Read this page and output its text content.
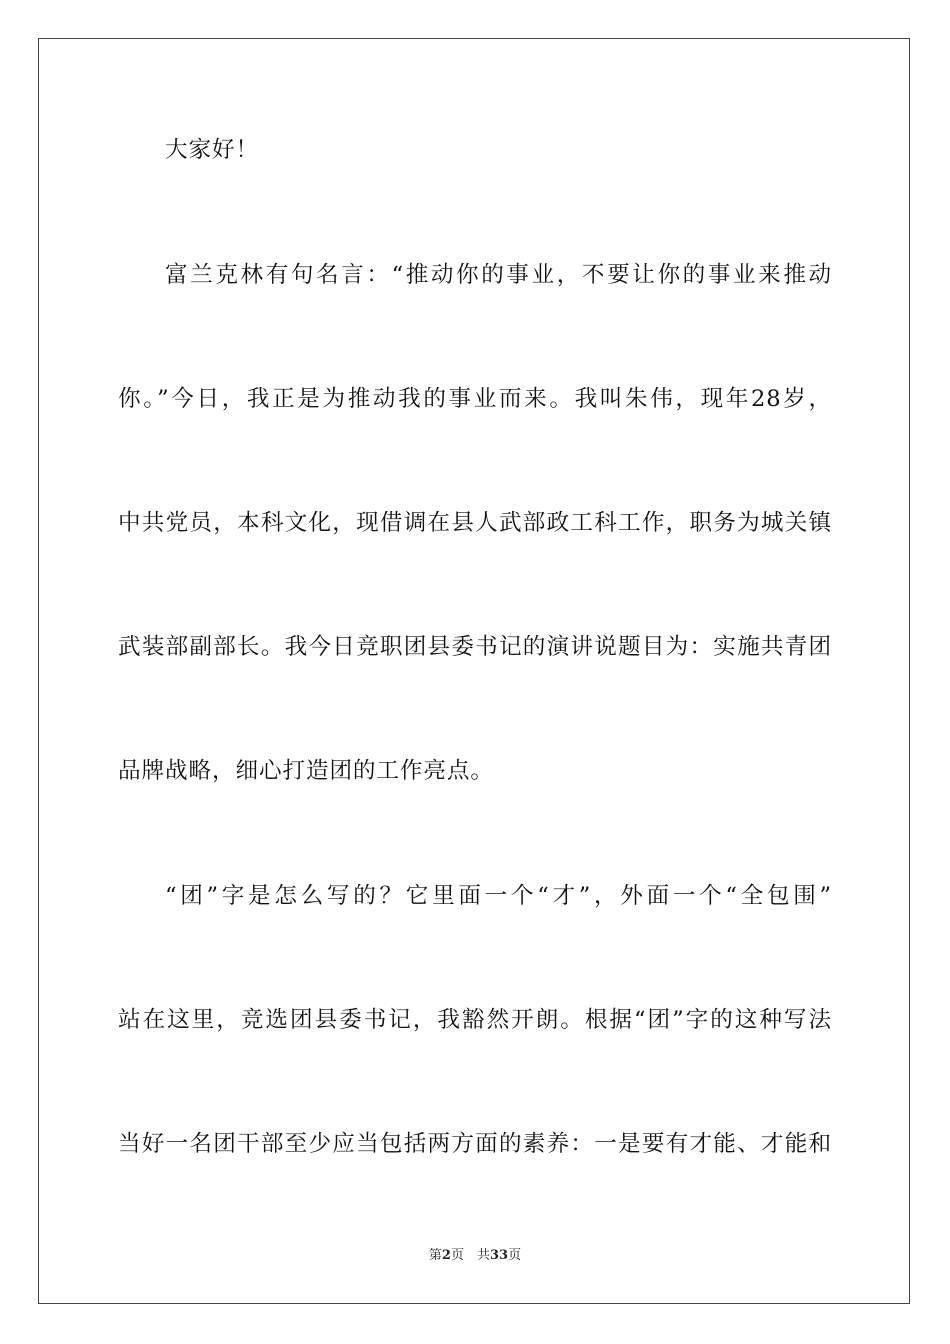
大家好！
富兰克林有句名言：“推动你的事业，不要让你的事业来推动
你。”今日，我正是为推动我的事业而来。我叫朱伟，现年28岁，
中共党员，本科文化，现借调在县人武部政工科工作，职务为城关镇
武装部副部长。我今日竞职团县委书记的演讲说题目为：实施共青团
品牌战略，细心打造团的工作亮点。
“团”字是怎么写的？它里面一个“才”，外面一个“全包围”
站在这里，竞选团县委书记，我豁然开朗。根据“团”字的这种写法
当好一名团干部至少应当包括两方面的素养：一是要有才能、才能和
第2页　共33页
